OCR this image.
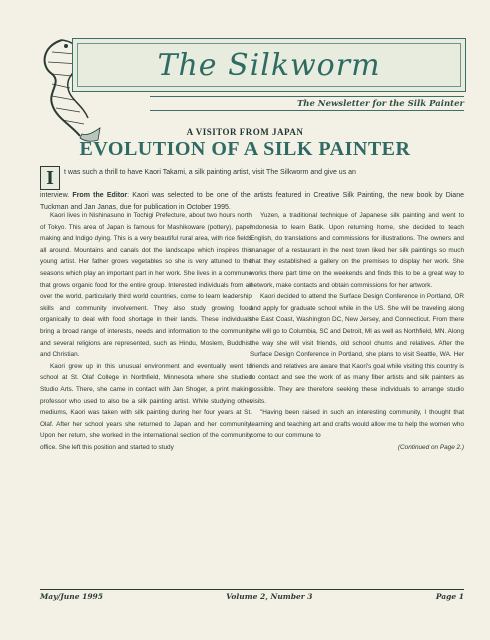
The Silkworm
The Newsletter for the Silk Painter
A VISITOR FROM JAPAN
EVOLUTION OF A SILK PAINTER
I	t was such a thrill to have Kaori Takami, a silk painting artist, visit The Silkworm and give us an
interview. From the Editor: Kaori was selected to be one of the artists featured in Creative Silk Painting, the new book by Diane Tuckman and Jan Janas, due for publication in October 1995.

Kaori lives in Nishinasuno in Tochigi Prefecture, about two hours north of Tokyo. This area of Japan is famous for Mashikoware (pottery), paper making and Indigo dying. This is a very beautiful rural area, with rice fields all around. Mountains and canals dot the landscape which inspires this young artist. Her father grows vegetables so she is very attuned to the seasons which play an important part in her work. She lives in a commune that grows organic food for the entire group. Interested individuals from all over the world, particularly third world countries, come to learn leadership skills and community involvement. They also study growing food organically to deal with food shortage in their lands. These individuals bring a broad range of interests, needs and information to the community and several religions are represented, such as Hindu, Moslem, Buddhist and Christian.

Kaori grew up in this unusual environment and eventually went to school at St. Olaf College in Northfield, Minnesota where she studied Studio Arts. There, she came in contact with Jan Shoger, a print making professor who used to also be a silk painting artist. While studying other mediums, Kaori was taken with silk painting during her four years at St. Olaf. After her school years she returned to Japan and her community. Upon her return, she worked in the international section of the community office. She left this position and started to study

Yuzen, a traditional technique of Japanese silk painting and went to Indonesia to learn Batik. Upon returning home, she decided to teach English, do translations and commissions for illustrations. The owners and manager of a restaurant in the next town liked her silk paintings so much that they established a gallery on the premises to display her work. She works there part time on the weekends and finds this to be a great way to network, make contacts and obtain commissions for her artwork.

Kaori decided to attend the Surface Design Conference in Portland, OR and apply for graduate school while in the US. She will be traveling along the East Coast, Washington DC, New Jersey, and Connecticut. From there she will go to Columbia, SC and Detroit, MI as well as Northfield, MN. Along the way she will visit friends, old school chums and relatives. After the Surface Design Conference in Portland, she plans to visit Seattle, WA. Her friends and relatives are aware that Kaori's goal while visiting this country is to contact and see the work of as many fiber artists and silk painters as possible. They are therefore seeking these individuals to arrange studio visits.

"Having been raised in such an interesting community, I thought that learning and teaching art and crafts would allow me to help the women who come to our commune to

(Continued on Page 2.)

May/June 1995	Volume 2, Number 3	Page 1
